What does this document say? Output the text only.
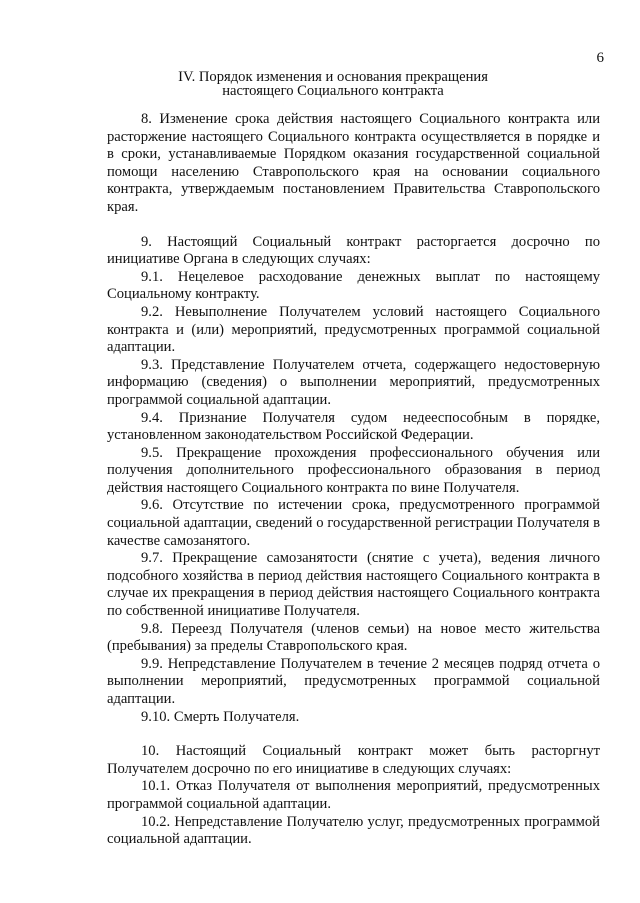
6
IV. Порядок изменения и основания прекращения
настоящего Социального контракта

8. Изменение срока действия настоящего Социального контракта или расторжение настоящего Социального контракта осуществляется в порядке и в сроки, устанавливаемые Порядком оказания государственной социальной помощи населению Ставропольского края на основании социального контракта, утверждаемым постановлением Правительства Ставропольского края.

9. Настоящий Социальный контракт расторгается досрочно по инициативе Органа в следующих случаях:

9.1. Нецелевое расходование денежных выплат по настоящему Социальному контракту.

9.2. Невыполнение Получателем условий настоящего Социального контракта и (или) мероприятий, предусмотренных программой социальной адаптации.

9.3. Представление Получателем отчета, содержащего недостоверную информацию (сведения) о выполнении мероприятий, предусмотренных программой социальной адаптации.

9.4. Признание Получателя судом недееспособным в порядке, установленном законодательством Российской Федерации.

9.5. Прекращение прохождения профессионального обучения или получения дополнительного профессионального образования в период действия настоящего Социального контракта по вине Получателя.

9.6. Отсутствие по истечении срока, предусмотренного программой социальной адаптации, сведений о государственной регистрации Получателя в качестве самозанятого.

9.7. Прекращение самозанятости (снятие с учета), ведения личного подсобного хозяйства в период действия настоящего Социального контракта в случае их прекращения в период действия настоящего Социального контракта по собственной инициативе Получателя.

9.8. Переезд Получателя (членов семьи) на новое место жительства (пребывания) за пределы Ставропольского края.

9.9. Непредставление Получателем в течение 2 месяцев подряд отчета о выполнении мероприятий, предусмотренных программой социальной адаптации.

9.10. Смерть Получателя.

10. Настоящий Социальный контракт может быть расторгнут Получателем досрочно по его инициативе в следующих случаях:

10.1. Отказ Получателя от выполнения мероприятий, предусмотренных программой социальной адаптации.

10.2. Непредставление Получателю услуг, предусмотренных программой социальной адаптации.
